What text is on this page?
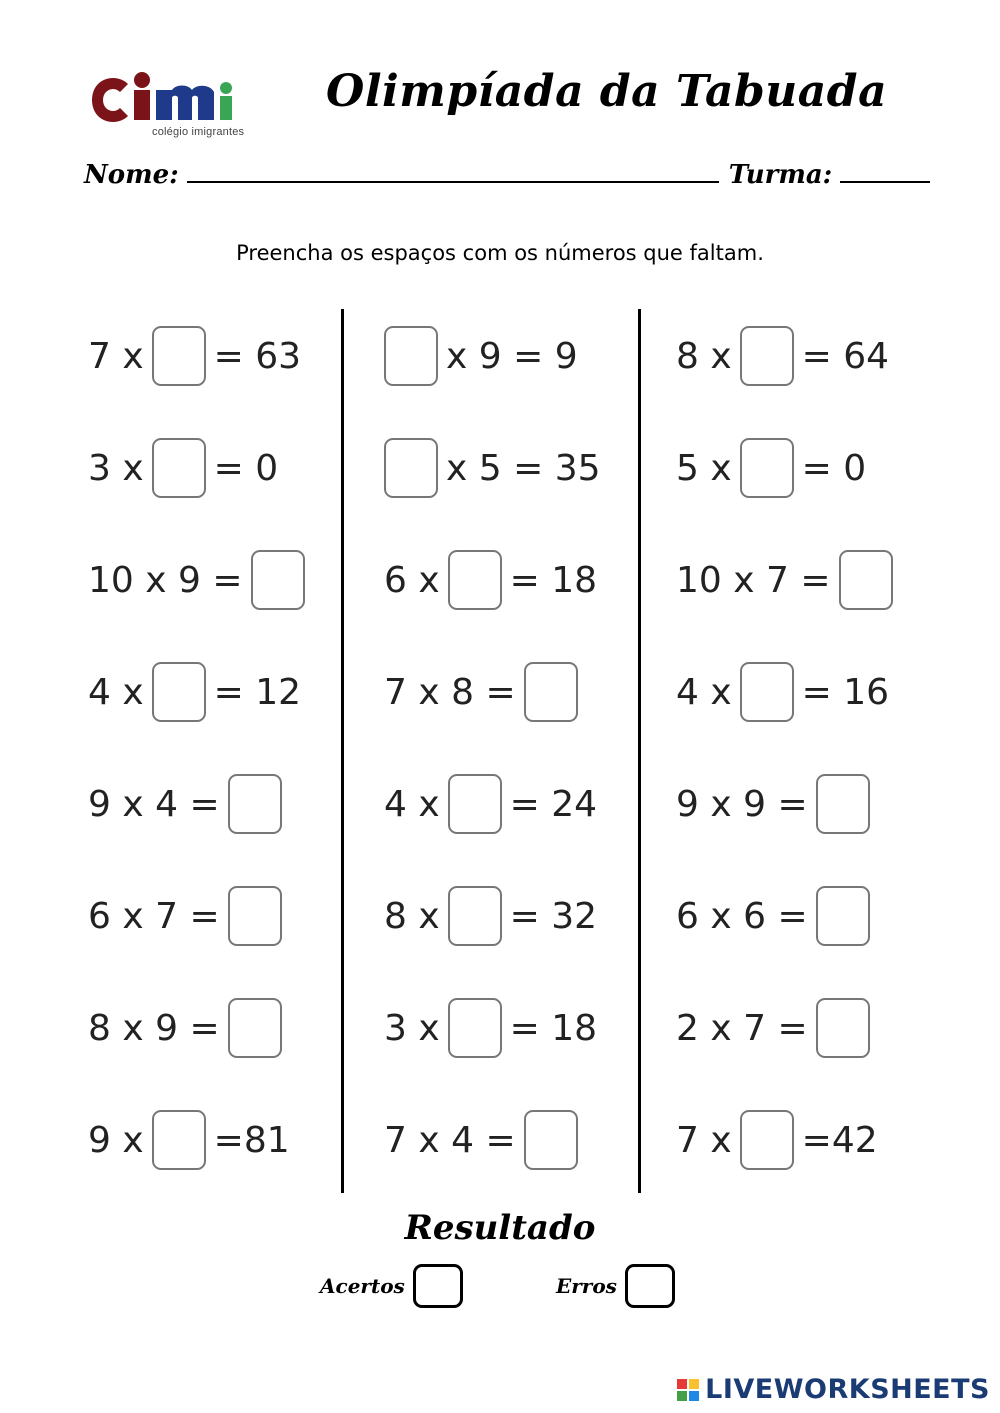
colégio imigrantes
Olimpíada da Tabuada
Nome:	Turma:

Preencha os espaços com os números que faltam.

7 x = 63
3 x = 0
10 x 9 =
4 x = 12
9 x 4 =
6 x 7 =
8 x 9 =
9 x =81
x 9 = 9
x 5 = 35
6 x = 18
7 x 8 =
4 x = 24
8 x = 32
3 x = 18
7 x 4 =
8 x = 64
5 x = 0
10 x 7 =
4 x = 16
9 x 9 =
6 x 6 =
2 x 7 =
7 x =42
Resultado
Acertos	Erros
LIVEWORKSHEETS
